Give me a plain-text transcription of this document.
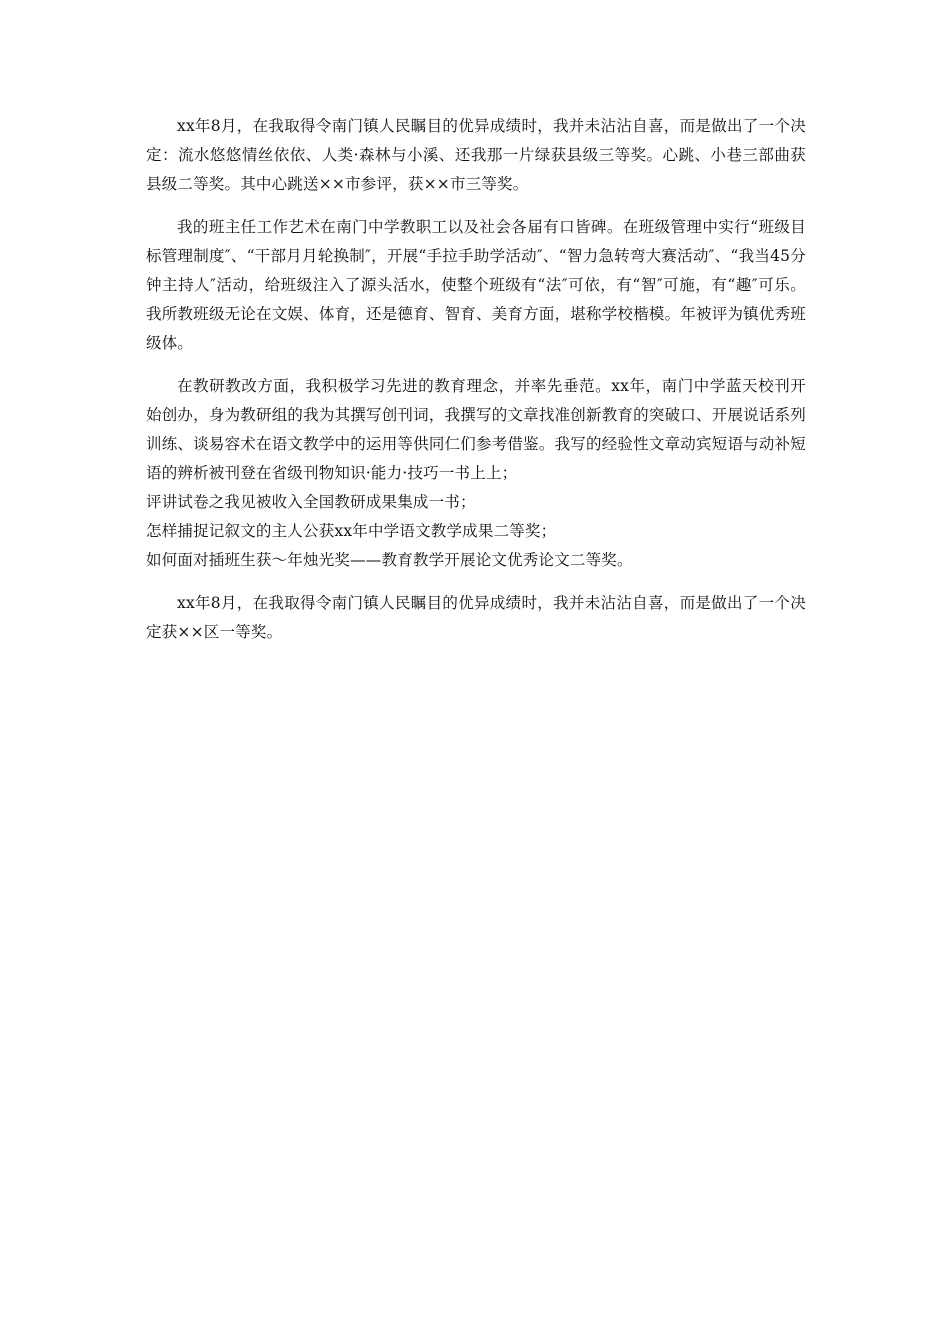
xx年8月，在我取得令南门镇人民瞩目的优异成绩时，我并未沾沾自喜，而是做出了一个决定：流水悠悠情丝依依、人类·森林与小溪、还我那一片绿获县级三等奖。心跳、小巷三部曲获县级二等奖。其中心跳送××市参评，获××市三等奖。

我的班主任工作艺术在南门中学教职工以及社会各届有口皆碑。在班级管理中实行“班级目标管理制度″、“干部月月轮换制″，开展“手拉手助学活动″、“智力急转弯大赛活动″、“我当45分钟主持人″活动，给班级注入了源头活水，使整个班级有“法″可依，有“智″可施，有“趣″可乐。我所教班级无论在文娱、体育，还是德育、智育、美育方面，堪称学校楷模。年被评为镇优秀班级体。

在教研教改方面，我积极学习先进的教育理念，并率先垂范。xx年，南门中学蓝天校刊开始创办，身为教研组的我为其撰写创刊词，我撰写的文章找准创新教育的突破口、开展说话系列训练、谈易容术在语文教学中的运用等供同仁们参考借鉴。我写的经验性文章动宾短语与动补短语的辨析被刊登在省级刊物知识·能力·技巧一书上上；

评讲试卷之我见被收入全国教研成果集成一书；

怎样捕捉记叙文的主人公获xx年中学语文教学成果二等奖；

如何面对插班生获～年烛光奖——教育教学开展论文优秀论文二等奖。

xx年8月，在我取得令南门镇人民瞩目的优异成绩时，我并未沾沾自喜，而是做出了一个决定获××区一等奖。
